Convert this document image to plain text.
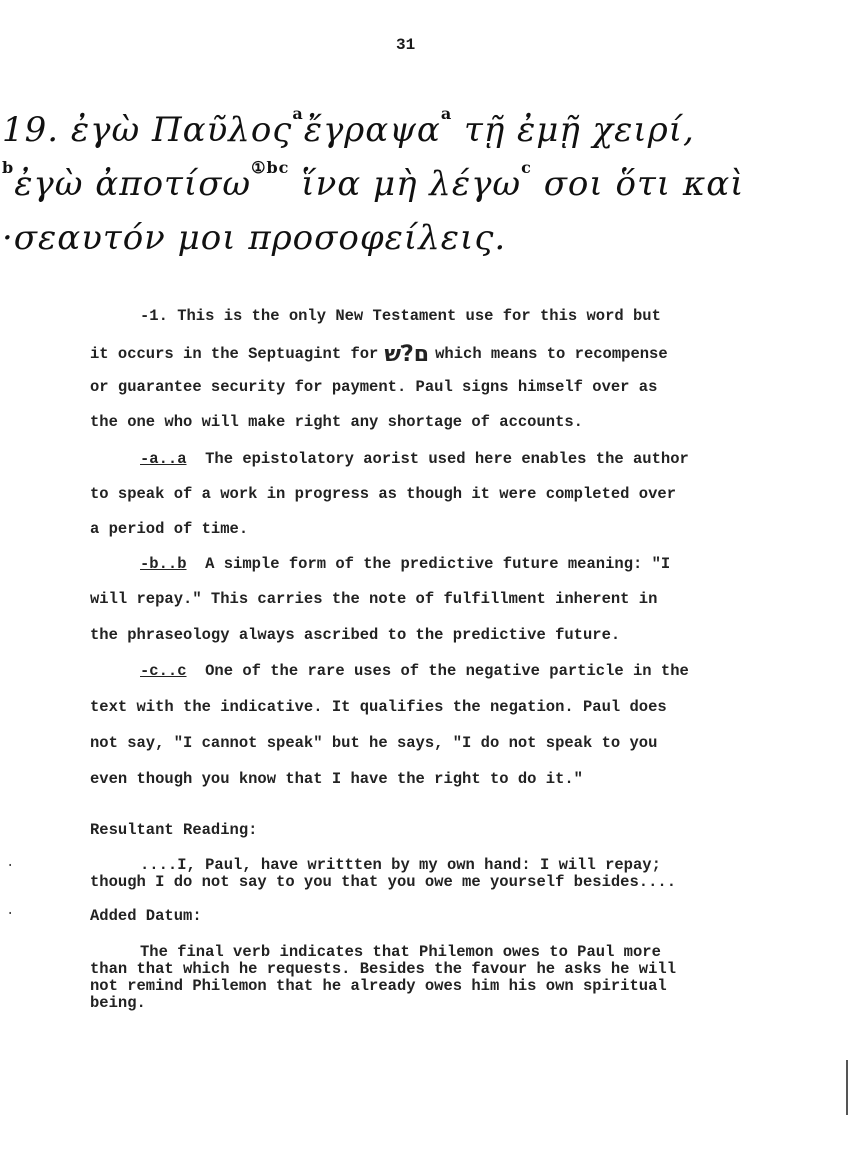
31
19. ἐγὼ Παῦλος$^a$ἔγραψα$^a$ τῇ ἐμῇ χειρί,
$^b$ἐγὼ ἀποτίσω$^{①bc}$ ἵνα μὴ λέγω$^c$ σοι ὅτι καὶ
·σεαυτόν μοι προσοφείλεις.
-1. This is the only New Testament use for this word but
it occurs in the Septuagint for ם?שׁ which means to recompense
or guarantee security for payment. Paul signs himself over as
the one who will make right any shortage of accounts.
-a..a The epistolatory aorist used here enables the author
to speak of a work in progress as though it were completed over
a period of time.
-b..b A simple form of the predictive future meaning: "I
will repay." This carries the note of fulfillment inherent in
the phraseology always ascribed to the predictive future.
-c..c One of the rare uses of the negative particle in the
text with the indicative. It qualifies the negation. Paul does
not say, "I cannot speak" but he says, "I do not speak to you
even though you know that I have the right to do it."
Resultant Reading:
·	....I, Paul, have writtten by my own hand: I will repay;
though I do not say to you that you owe me yourself besides....
·	Added Datum:
The final verb indicates that Philemon owes to Paul more
than that which he requests. Besides the favour he asks he will
not remind Philemon that he already owes him his own spiritual
being.
